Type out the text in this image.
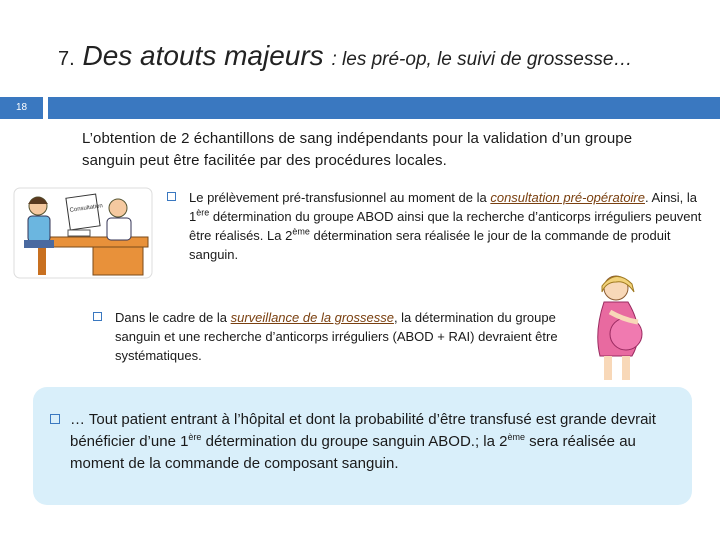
7. Des atouts majeurs : les pré-op, le suivi de grossesse…
18
L’obtention de 2 échantillons de sang indépendants pour la validation d’un groupe sanguin peut être facilitée par des procédures locales.
Consultation
Le prélèvement pré-transfusionnel au moment de la consultation pré-opératoire. Ainsi, la 1ère détermination du groupe ABOD ainsi que la recherche d’anticorps irréguliers peuvent être réalisés. La 2ème détermination sera réalisée le jour de la commande de produit sanguin.
Dans le cadre de la surveillance de la grossesse, la détermination du groupe sanguin et une recherche d’anticorps irréguliers (ABOD + RAI) devraient être systématiques.
… Tout patient entrant à l’hôpital et dont la probabilité d’être transfusé est grande devrait bénéficier d’une 1ère détermination du groupe sanguin ABOD.; la 2ème sera réalisée au moment de la commande de composant sanguin.
